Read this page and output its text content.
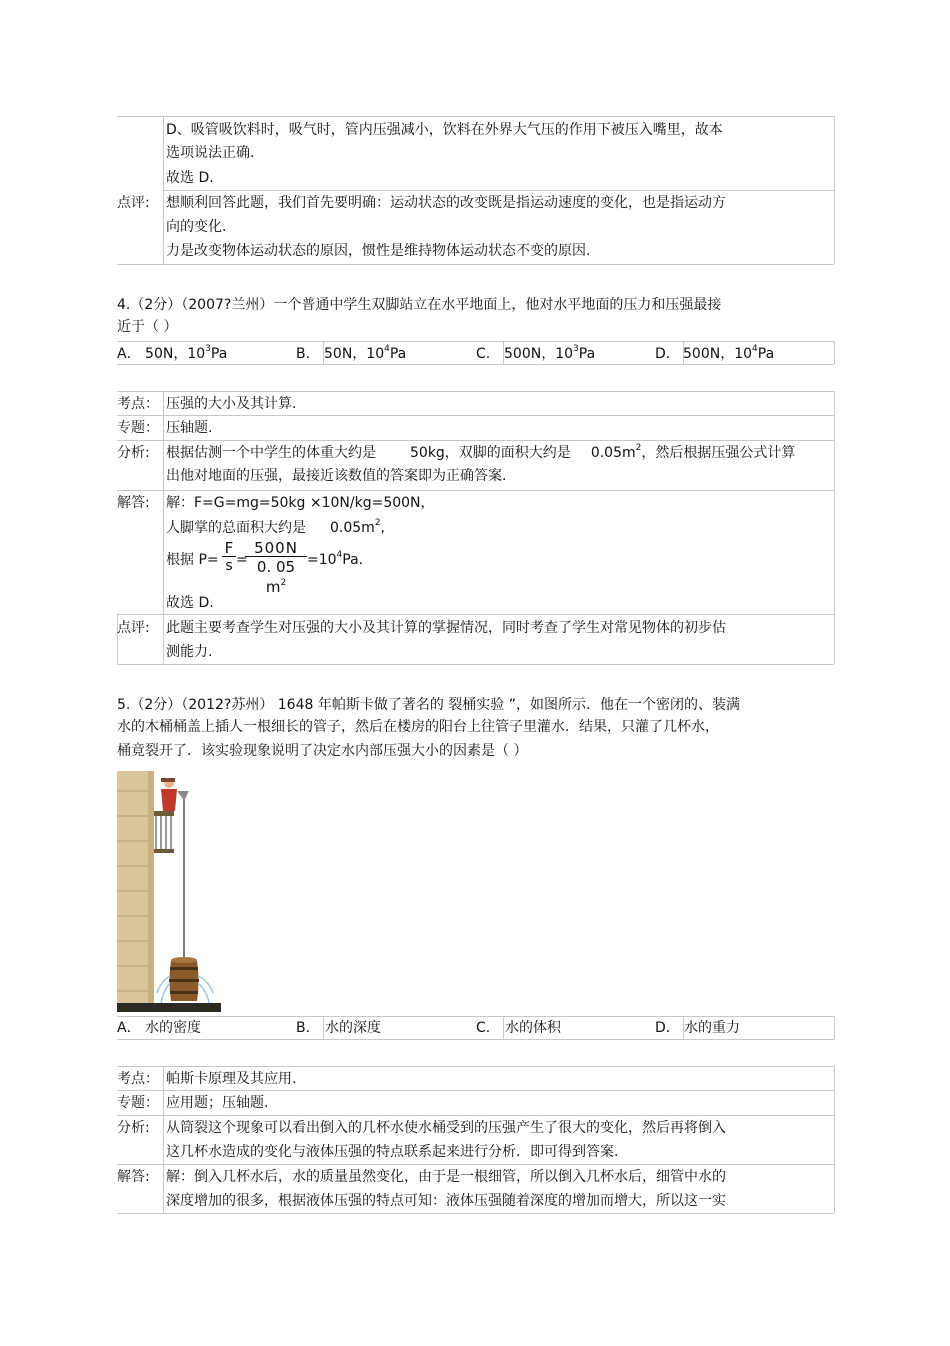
D、吸管吸饮料时，吸气时，管内压强减小，饮料在外界大气压的作用下被压入嘴里，故本
选项说法正确.
故选 D.
点评: 想顺利回答此题，我们首先要明确：运动状态的改变既是指运动速度的变化，也是指运动方
向的变化.
力是改变物体运动状态的原因，惯性是维持物体运动状态不变的原因.
4.（2分）（2007?兰州）一个普通中学生双脚站立在水平地面上，他对水平地面的压力和压强最接
近于（ ）
A． 50N，$10^3Pa$	B. 50N，$10^4Pa$	C. 500N，$10^3Pa$	D． 500N，$10^4Pa$
考点： 压强的大小及其计算.
专题： 压轴题.
分析: 根据估测一个中学生的体重大约是 50kg，双脚的面积大约是 $0.05m^2$，然后根据压强公式计算
出他对地面的压强，最接近该数值的答案即为正确答案.
解答: 解：F=G=mg=50kg ×10N/kg=500N，
人脚掌的总面积大约是 $0.05m^2$,
根据 P=
F
s =
500N
0. 05 $m^2$
$=10^4Pa$.
故选 D.
点评: 此题主要考查学生对压强的大小及其计算的掌握情况，同时考查了学生对常见物体的初步估
测能力.
5.（2分）（2012?苏州） 1648 年帕斯卡做了著名的 裂桶实验 ”，如图所示．他在一个密闭的、装满
水的木桶桶盖上插人一根细长的管子，然后在楼房的阳台上往管子里灌水．结果，只灌了几杯水，
桶竟裂开了．该实验现象说明了决定水内部压强大小的因素是（ ）
A． 水的密度	B. 水的深度	C. 水的体积	D． 水的重力
考点： 帕斯卡原理及其应用.
专题： 应用题；压轴题.
分析: 从筒裂这个现象可以看出倒入的几杯水使水桶受到的压强产生了很大的变化，然后再将倒入
这几杯水造成的变化与液体压强的特点联系起来进行分析．即可得到答案.
解答: 解：倒入几杯水后，水的质量虽然变化，由于是一根细管，所以倒入几杯水后，细管中水的
深度增加的很多，根据液体压强的特点可知：液体压强随着深度的增加而增大，所以这一实
